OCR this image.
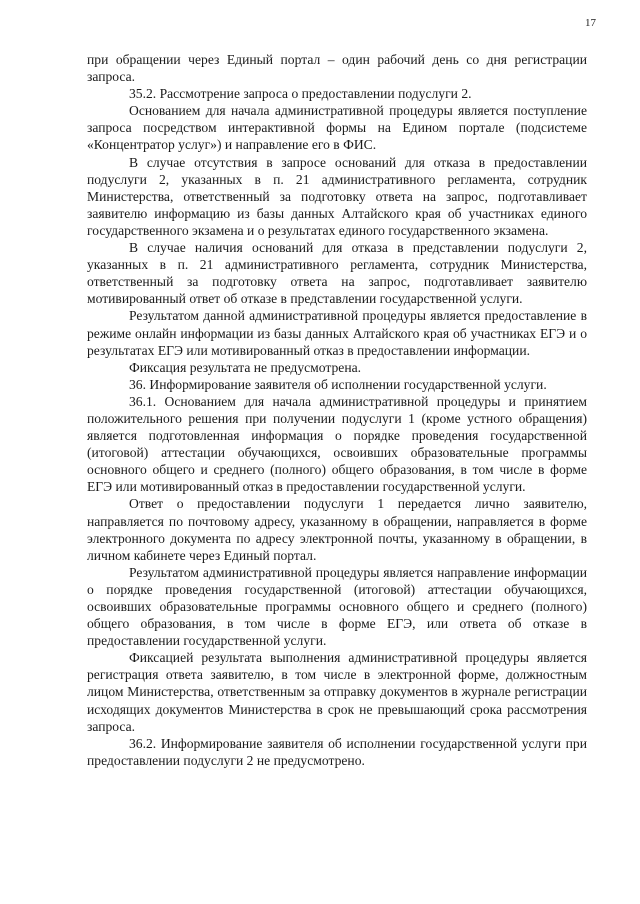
17

при обращении через Единый портал – один рабочий день со дня регистрации запроса.

35.2. Рассмотрение запроса о предоставлении подуслуги 2.

Основанием для начала административной процедуры является поступление запроса посредством интерактивной формы на Едином портале (подсистеме «Концентратор услуг») и направление его в ФИС.

В случае отсутствия в запросе оснований для отказа в предоставлении подуслуги 2, указанных в п. 21 административного регламента, сотрудник Министерства, ответственный за подготовку ответа на запрос, подготавливает заявителю информацию из базы данных Алтайского края об участниках единого государственного экзамена и о результатах единого государственного экзамена.

В случае наличия оснований для отказа в представлении подуслуги 2, указанных в п. 21 административного регламента, сотрудник Министерства, ответственный за подготовку ответа на запрос, подготавливает заявителю мотивированный ответ об отказе в представлении государственной услуги.

Результатом данной административной процедуры является предоставление в режиме онлайн информации из базы данных Алтайского края об участниках ЕГЭ и о результатах ЕГЭ или мотивированный отказ в предоставлении информации.

Фиксация результата не предусмотрена.

36. Информирование заявителя об исполнении государственной услуги.

36.1. Основанием для начала административной процедуры и принятием положительного решения при получении подуслуги 1 (кроме устного обращения) является подготовленная информация о порядке проведения государственной (итоговой) аттестации обучающихся, освоивших образовательные программы основного общего и среднего (полного) общего образования, в том числе в форме ЕГЭ или мотивированный отказ в предоставлении государственной услуги.

Ответ о предоставлении подуслуги 1 передается лично заявителю, направляется по почтовому адресу, указанному в обращении, направляется в форме электронного документа по адресу электронной почты, указанному в обращении, в личном кабинете через Единый портал.

Результатом административной процедуры является направление информации о порядке проведения государственной (итоговой) аттестации обучающихся, освоивших образовательные программы основного общего и среднего (полного) общего образования, в том числе в форме ЕГЭ, или ответа об отказе в предоставлении государственной услуги.

Фиксацией результата выполнения административной процедуры является регистрация ответа заявителю, в том числе в электронной форме, должностным лицом Министерства, ответственным за отправку документов в журнале регистрации исходящих документов Министерства в срок не превышающий срока рассмотрения запроса.

36.2. Информирование заявителя об исполнении государственной услуги при предоставлении подуслуги 2 не предусмотрено.
